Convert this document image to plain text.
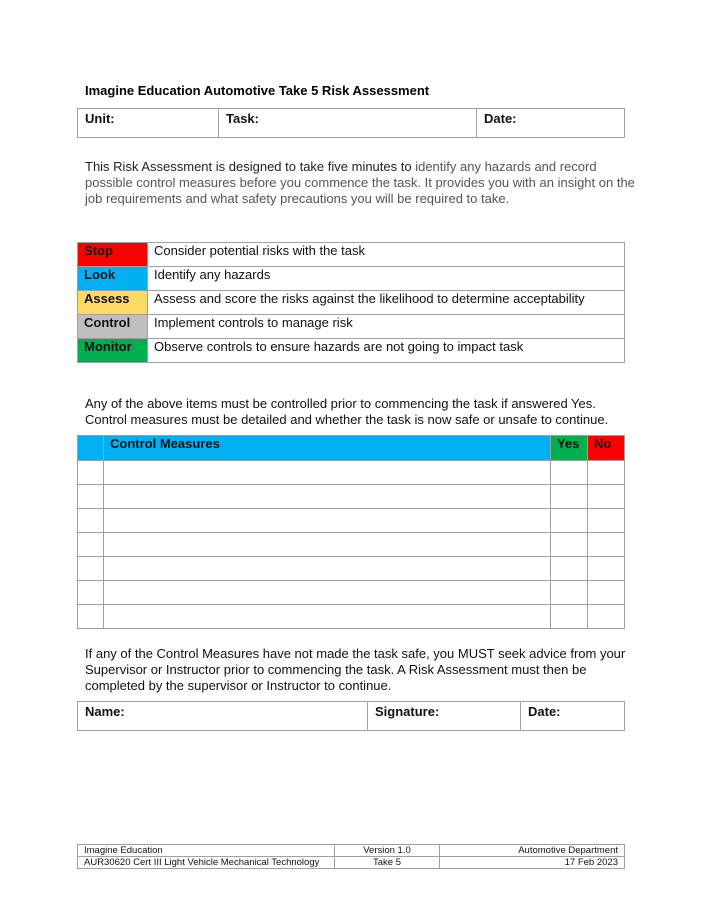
Imagine Education Automotive Take 5 Risk Assessment
Unit:	Task:	Date:
This Risk Assessment is designed to take five minutes to identify any hazards and record possible control measures before you commence the task. It provides you with an insight on the job requirements and what safety precautions you will be required to take.
Stop	Consider potential risks with the task
Look	Identify any hazards
Assess	Assess and score the risks against the likelihood to determine acceptability
Control	Implement controls to manage risk
Monitor	Observe controls to ensure hazards are not going to impact task
Any of the above items must be controlled prior to commencing the task if answered Yes. Control measures must be detailed and whether the task is now safe or unsafe to continue.
	Control Measures	Yes	No

If any of the Control Measures have not made the task safe, you MUST seek advice from your Supervisor or Instructor prior to commencing the task. A Risk Assessment must then be completed by the supervisor or Instructor to continue.
Name:	Signature:	Date:
Imagine Education	Version 1.0	Automotive Department
AUR30620 Cert III Light Vehicle Mechanical Technology	Take 5	17 Feb 2023
